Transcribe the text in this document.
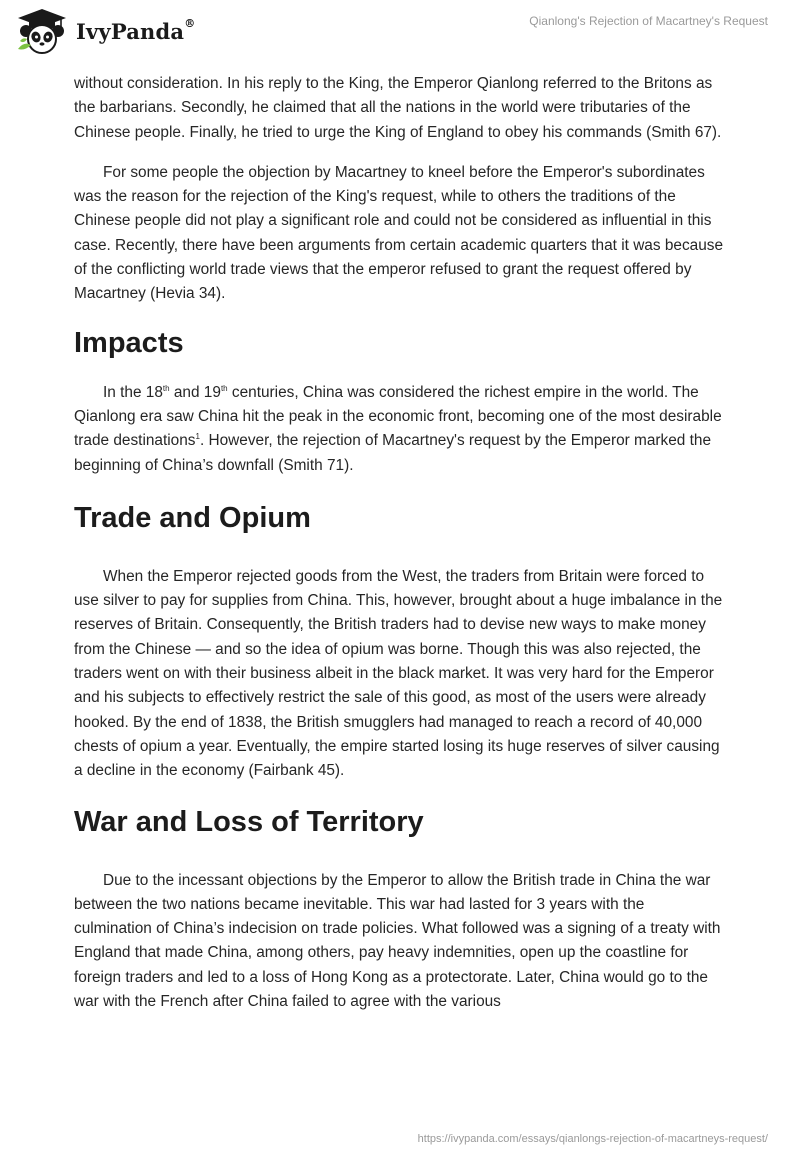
IvyPanda®	Qianlong's Rejection of Macartney's Request

without consideration. In his reply to the King, the Emperor Qianlong referred to the Britons as the barbarians. Secondly, he claimed that all the nations in the world were tributaries of the Chinese people. Finally, he tried to urge the King of England to obey his commands (Smith 67).

For some people the objection by Macartney to kneel before the Emperor's subordinates was the reason for the rejection of the King's request, while to others the traditions of the Chinese people did not play a significant role and could not be considered as influential in this case. Recently, there have been arguments from certain academic quarters that it was because of the conflicting world trade views that the emperor refused to grant the request offered by Macartney (Hevia 34).

Impacts

In the 18th and 19th centuries, China was considered the richest empire in the world. The Qianlong era saw China hit the peak in the economic front, becoming one of the most desirable trade destinations$^1$. However, the rejection of Macartney's request by the Emperor marked the beginning of China’s downfall (Smith 71).

Trade and Opium

When the Emperor rejected goods from the West, the traders from Britain were forced to use silver to pay for supplies from China. This, however, brought about a huge imbalance in the reserves of Britain. Consequently, the British traders had to devise new ways to make money from the Chinese — and so the idea of opium was borne. Though this was also rejected, the traders went on with their business albeit in the black market. It was very hard for the Emperor and his subjects to effectively restrict the sale of this good, as most of the users were already hooked. By the end of 1838, the British smugglers had managed to reach a record of 40,000 chests of opium a year. Eventually, the empire started losing its huge reserves of silver causing a decline in the economy (Fairbank 45).

War and Loss of Territory

Due to the incessant objections by the Emperor to allow the British trade in China the war between the two nations became inevitable. This war had lasted for 3 years with the culmination of China’s indecision on trade policies. What followed was a signing of a treaty with England that made China, among others, pay heavy indemnities, open up the coastline for foreign traders and led to a loss of Hong Kong as a protectorate. Later, China would go to the war with the French after China failed to agree with the various

https://ivypanda.com/essays/qianlongs-rejection-of-macartneys-request/
